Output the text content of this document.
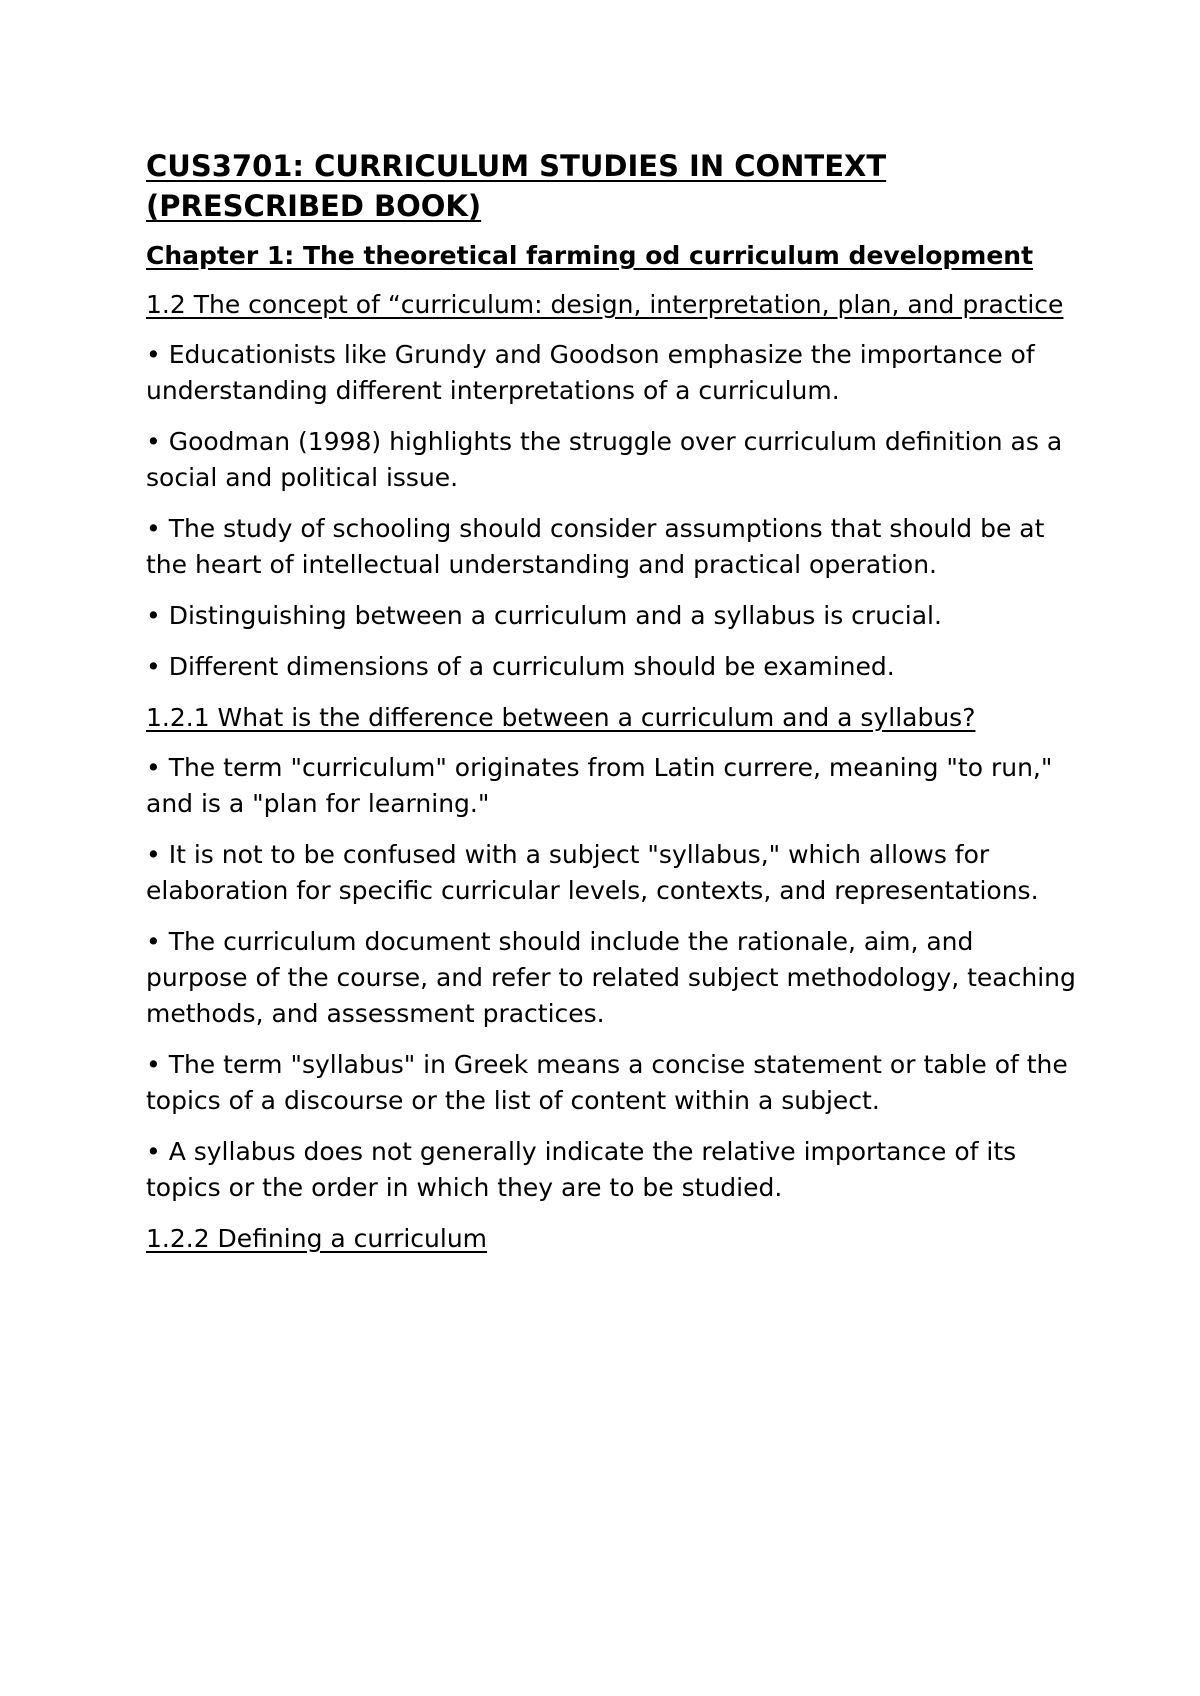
CUS3701: CURRICULUM STUDIES IN CONTEXT (PRESCRIBED BOOK)
Chapter 1: The theoretical farming od curriculum development
1.2 The concept of “curriculum: design, interpretation, plan, and practice
• Educationists like Grundy and Goodson emphasize the importance of understanding different interpretations of a curriculum.
• Goodman (1998) highlights the struggle over curriculum definition as a social and political issue.
• The study of schooling should consider assumptions that should be at the heart of intellectual understanding and practical operation.
• Distinguishing between a curriculum and a syllabus is crucial.
• Different dimensions of a curriculum should be examined.
1.2.1 What is the difference between a curriculum and a syllabus?
• The term "curriculum" originates from Latin currere, meaning "to run," and is a "plan for learning."
• It is not to be confused with a subject "syllabus," which allows for elaboration for specific curricular levels, contexts, and representations.
• The curriculum document should include the rationale, aim, and purpose of the course, and refer to related subject methodology, teaching methods, and assessment practices.
• The term "syllabus" in Greek means a concise statement or table of the topics of a discourse or the list of content within a subject.
• A syllabus does not generally indicate the relative importance of its topics or the order in which they are to be studied.
1.2.2 Defining a curriculum
